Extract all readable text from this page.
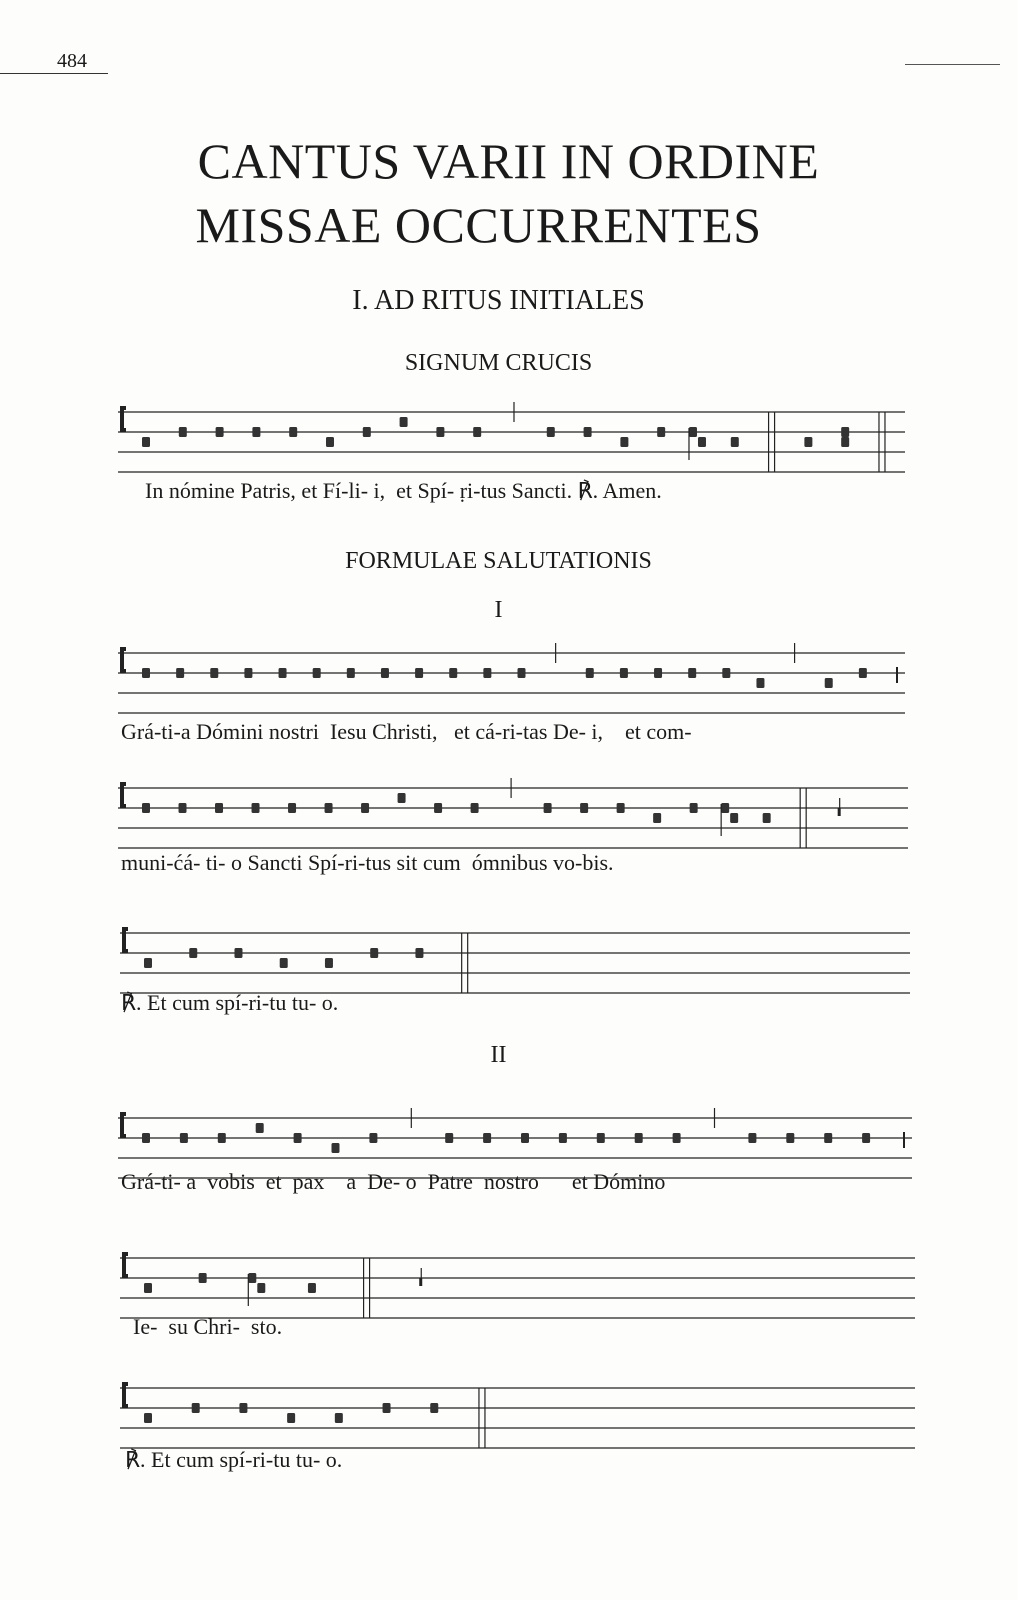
484
CANTUS VARII IN ORDINE
MISSAE OCCURRENTES
I. AD RITUS INITIALES
SIGNUM CRUCIS
FORMULAE SALUTATIONIS
I
II
In nómine Patris, et Fí-li- i,  et Spí- ṛi-tus Sancti. ℟. Amen.
Grá-ti-a Dómini nostri  Iesu Christi,   et cá-ri-tas De- i,    et com-
muni-ćá- ti- o Sancti Spí-ri-tus sit cum  ómnibus vo-bis.
℟. Et cum spí-ri-tu tu- o.
Grá-ti- a  vobis  et  pax    a  De- o  Patre  nostro      et Dómino
Ie-  su Chri-  sto.
℟. Et cum spí-ri-tu tu- o.
